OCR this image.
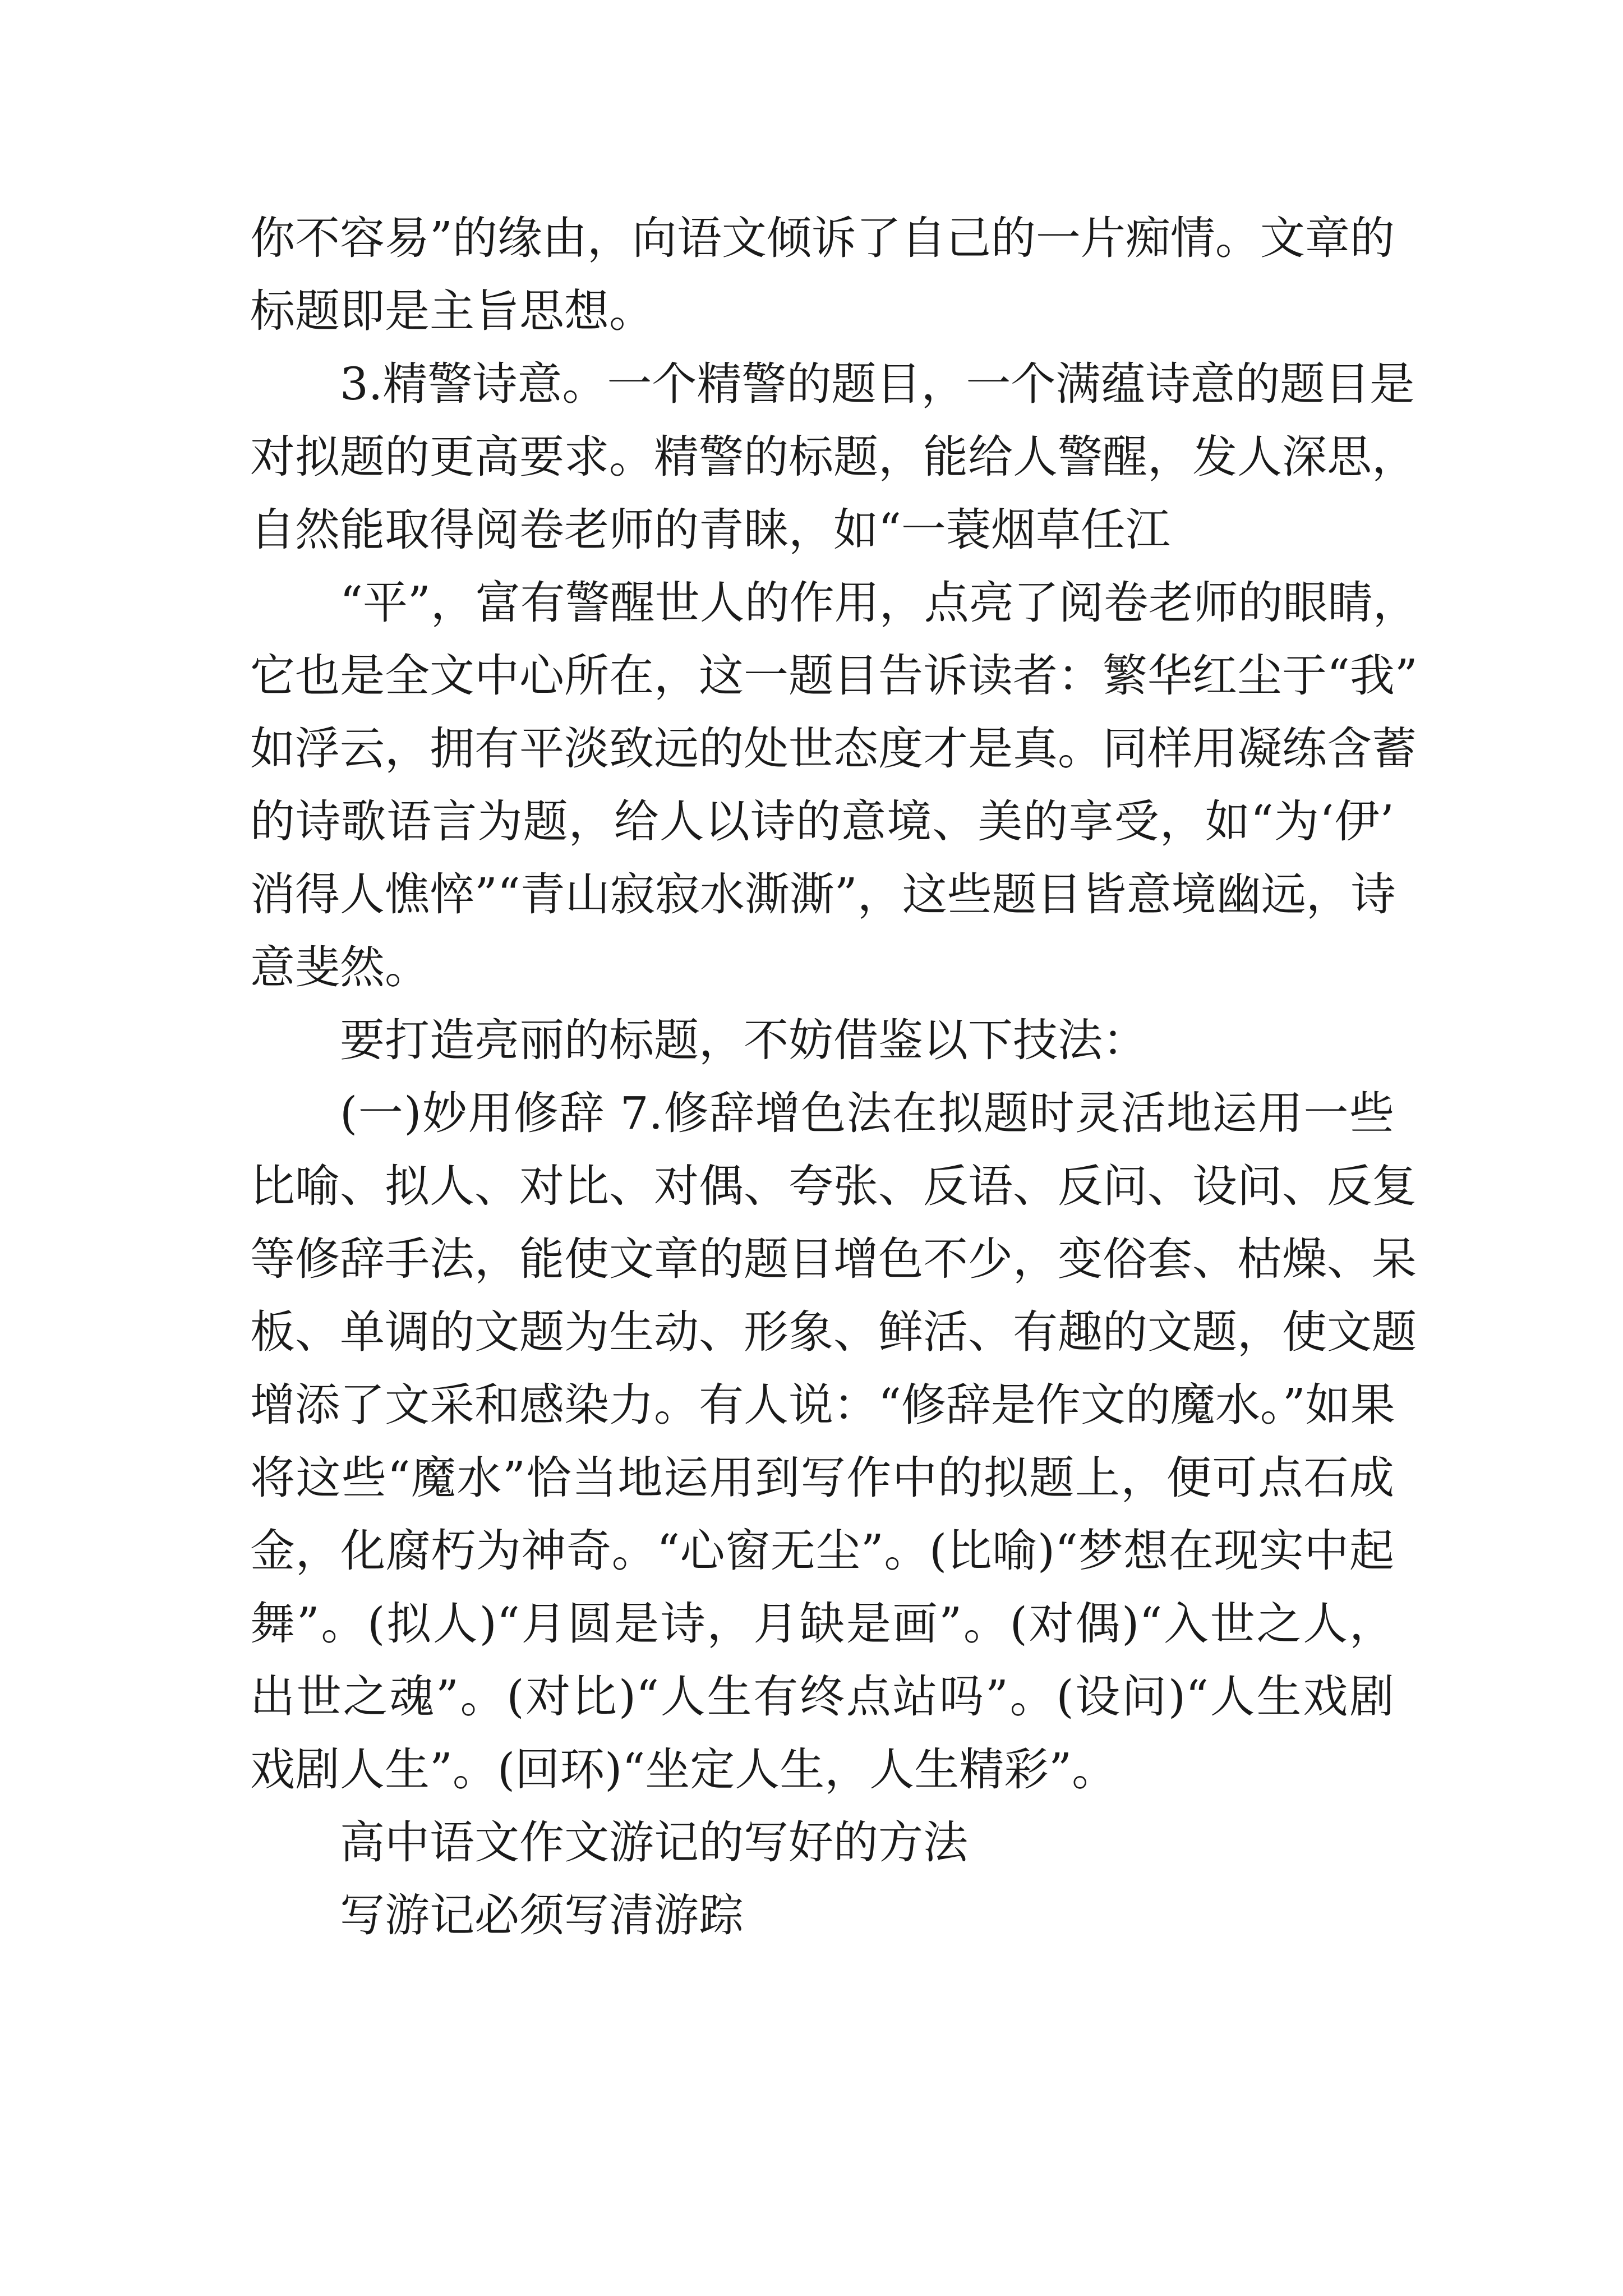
你不容易”的缘由，向语文倾诉了自己的一片痴情。文章的
标题即是主旨思想。

3.精警诗意。一个精警的题目，一个满蕴诗意的题目是
对拟题的更高要求。精警的标题，能给人警醒，发人深思，
自然能取得阅卷老师的青睐，如“一蓑烟草任江

“平”，富有警醒世人的作用，点亮了阅卷老师的眼睛，
它也是全文中心所在，这一题目告诉读者：繁华红尘于“我”
如浮云，拥有平淡致远的处世态度才是真。同样用凝练含蓄
的诗歌语言为题，给人以诗的意境、美的享受，如“为‘伊’
消得人憔悴”“青山寂寂水澌澌”，这些题目皆意境幽远，诗
意斐然。

要打造亮丽的标题，不妨借鉴以下技法：

(一)妙用修辞 7.修辞增色法在拟题时灵活地运用一些
比喻、拟人、对比、对偶、夸张、反语、反问、设问、反复
等修辞手法，能使文章的题目增色不少，变俗套、枯燥、呆
板、单调的文题为生动、形象、鲜活、有趣的文题，使文题
增添了文采和感染力。有人说：“修辞是作文的魔水。”如果
将这些“魔水”恰当地运用到写作中的拟题上，便可点石成
金，化腐朽为神奇。“心窗无尘”。(比喻)“梦想在现实中起
舞”。(拟人)“月圆是诗，月缺是画”。(对偶)“入世之人，
出世之魂”。(对比)“人生有终点站吗”。(设问)“人生戏剧
戏剧人生”。(回环)“坐定人生，人生精彩”。

高中语文作文游记的写好的方法

写游记必须写清游踪
